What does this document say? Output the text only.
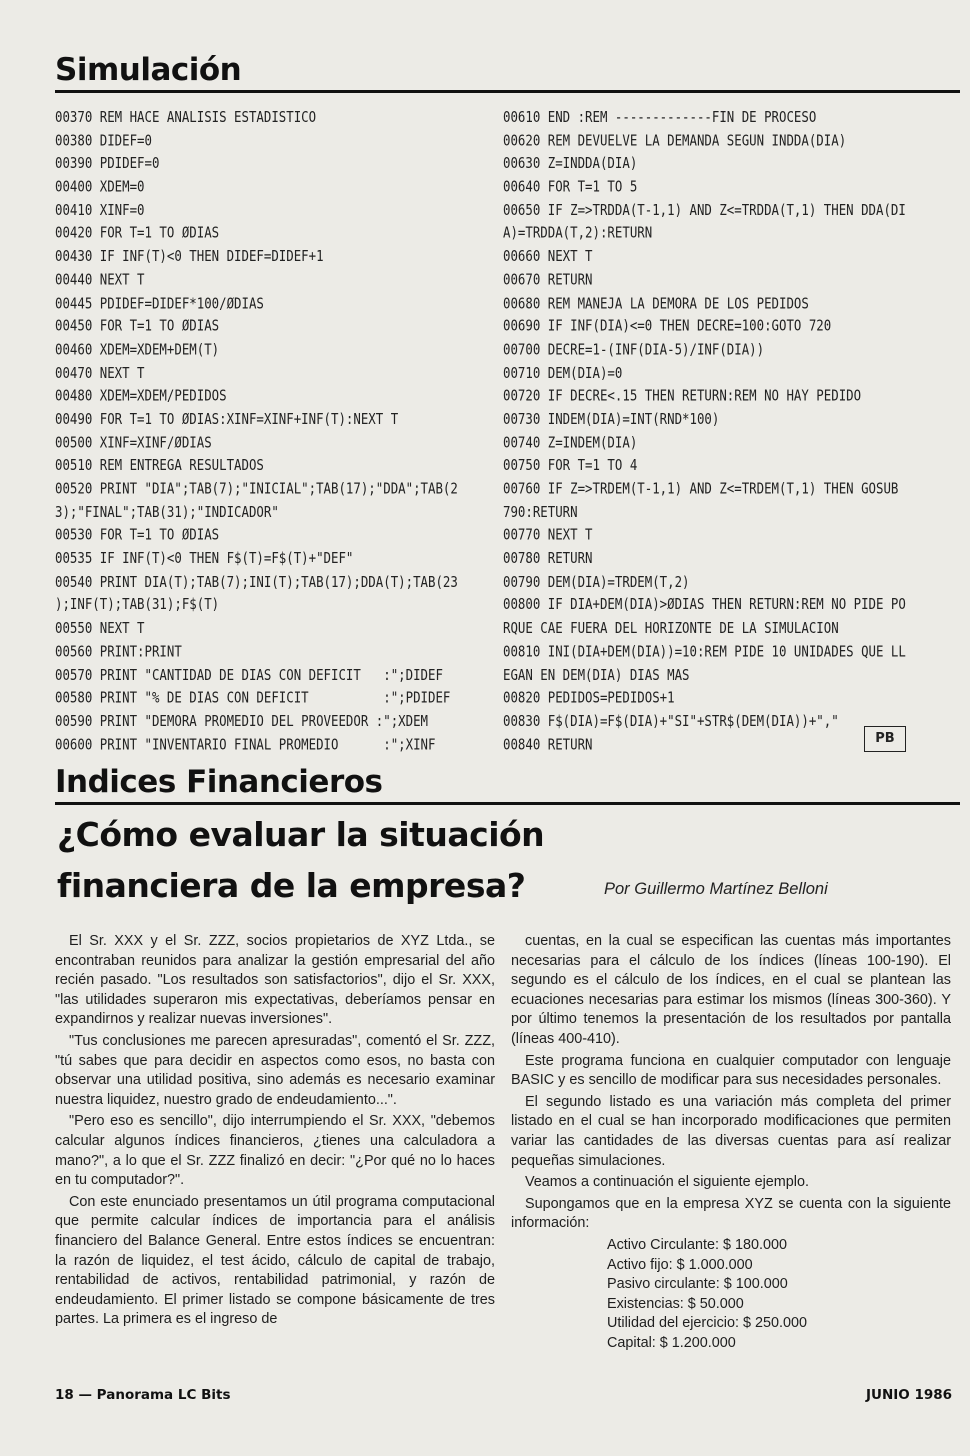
Simulación
00370 REM HACE ANALISIS ESTADISTICO
00380 DIDEF=0
00390 PDIDEF=0
00400 XDEM=0
00410 XINF=0
00420 FOR T=1 TO ØDIAS
00430 IF INF(T)<0 THEN DIDEF=DIDEF+1
00440 NEXT T
00445 PDIDEF=DIDEF*100/ØDIAS
00450 FOR T=1 TO ØDIAS
00460 XDEM=XDEM+DEM(T)
00470 NEXT T
00480 XDEM=XDEM/PEDIDOS
00490 FOR T=1 TO ØDIAS:XINF=XINF+INF(T):NEXT T
00500 XINF=XINF/ØDIAS
00510 REM ENTREGA RESULTADOS
00520 PRINT "DIA";TAB(7);"INICIAL";TAB(17);"DDA";TAB(2
3);"FINAL";TAB(31);"INDICADOR"
00530 FOR T=1 TO ØDIAS
00535 IF INF(T)<0 THEN F$(T)=F$(T)+"DEF"
00540 PRINT DIA(T);TAB(7);INI(T);TAB(17);DDA(T);TAB(23
);INF(T);TAB(31);F$(T)
00550 NEXT T
00560 PRINT:PRINT
00570 PRINT "CANTIDAD DE DIAS CON DEFICIT   :";DIDEF
00580 PRINT "% DE DIAS CON DEFICIT          :";PDIDEF
00590 PRINT "DEMORA PROMEDIO DEL PROVEEDOR :";XDEM
00600 PRINT "INVENTARIO FINAL PROMEDIO      :";XINF
00610 END :REM -------------FIN DE PROCESO
00620 REM DEVUELVE LA DEMANDA SEGUN INDDA(DIA)
00630 Z=INDDA(DIA)
00640 FOR T=1 TO 5
00650 IF Z=>TRDDA(T-1,1) AND Z<=TRDDA(T,1) THEN DDA(DI
A)=TRDDA(T,2):RETURN
00660 NEXT T
00670 RETURN
00680 REM MANEJA LA DEMORA DE LOS PEDIDOS
00690 IF INF(DIA)<=0 THEN DECRE=100:GOTO 720
00700 DECRE=1-(INF(DIA-5)/INF(DIA))
00710 DEM(DIA)=0
00720 IF DECRE<.15 THEN RETURN:REM NO HAY PEDIDO
00730 INDEM(DIA)=INT(RND*100)
00740 Z=INDEM(DIA)
00750 FOR T=1 TO 4
00760 IF Z=>TRDEM(T-1,1) AND Z<=TRDEM(T,1) THEN GOSUB
790:RETURN
00770 NEXT T
00780 RETURN
00790 DEM(DIA)=TRDEM(T,2)
00800 IF DIA+DEM(DIA)>ØDIAS THEN RETURN:REM NO PIDE PO
RQUE CAE FUERA DEL HORIZONTE DE LA SIMULACION
00810 INI(DIA+DEM(DIA))=10:REM PIDE 10 UNIDADES QUE LL
EGAN EN DEM(DIA) DIAS MAS
00820 PEDIDOS=PEDIDOS+1
00830 F$(DIA)=F$(DIA)+"SI"+STR$(DEM(DIA))+","
00840 RETURN	PB
Indices Financieros
¿Cómo evaluar la situación
financiera de la empresa?	Por Guillermo Martínez Belloni

El Sr. XXX y el Sr. ZZZ, socios propietarios de XYZ Ltda., se encontraban reunidos para analizar la gestión empresarial del año recién pasado. "Los resultados son satisfactorios", dijo el Sr. XXX, "las utilidades superaron mis expectativas, deberíamos pensar en expandirnos y realizar nuevas inversiones".

"Tus conclusiones me parecen apresuradas", comentó el Sr. ZZZ, "tú sabes que para decidir en aspectos como esos, no basta con observar una utilidad positiva, sino además es necesario examinar nuestra liquidez, nuestro grado de endeudamiento...".

"Pero eso es sencillo", dijo interrumpiendo el Sr. XXX, "debemos calcular algunos índices financieros, ¿tienes una calculadora a mano?", a lo que el Sr. ZZZ finalizó en decir: "¿Por qué no lo haces en tu computador?".

Con este enunciado presentamos un útil programa computacional que permite calcular índices de importancia para el análisis financiero del Balance General. Entre estos índices se encuentran: la razón de liquidez, el test ácido, cálculo de capital de trabajo, rentabilidad de activos, rentabilidad patrimonial, y razón de endeudamiento. El primer listado se compone básicamente de tres partes. La primera es el ingreso de

cuentas, en la cual se especifican las cuentas más importantes necesarias para el cálculo de los índices (líneas 100-190). El segundo es el cálculo de los índices, en el cual se plantean las ecuaciones necesarias para estimar los mismos (líneas 300-360). Y por último tenemos la presentación de los resultados por pantalla (líneas 400-410).

Este programa funciona en cualquier computador con lenguaje BASIC y es sencillo de modificar para sus necesidades personales.

El segundo listado es una variación más completa del primer listado en el cual se han incorporado modificaciones que permiten variar las cantidades de las diversas cuentas para así realizar pequeñas simulaciones.

Veamos a continuación el siguiente ejemplo.

Supongamos que en la empresa XYZ se cuenta con la siguiente información:

Activo Circulante: $ 180.000
Activo fijo: $ 1.000.000
Pasivo circulante: $ 100.000
Existencias: $ 50.000
Utilidad del ejercicio: $ 250.000
Capital: $ 1.200.000
18 — Panorama LC Bits	JUNIO 1986
